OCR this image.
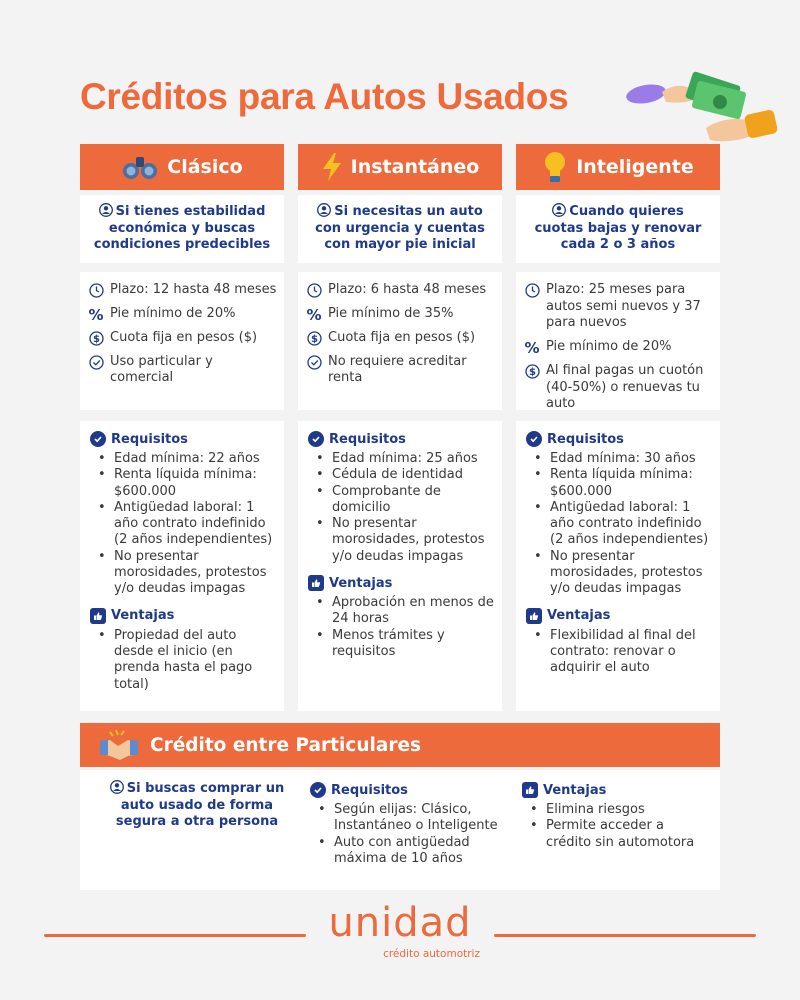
Créditos para Autos Usados
Clásico
Si tienes estabilidad económica y buscas condiciones predecibles
Plazo: 12 hasta 48 meses
% Pie mínimo de 20%
$ Cuota fija en pesos ($)
Uso particular y comercial
Requisitos
• Edad mínima: 22 años
• Renta líquida mínima: $600.000
• Antigüedad laboral: 1 año contrato indefinido (2 años independientes)
• No presentar morosidades, protestos y/o deudas impagas
Ventajas
• Propiedad del auto desde el inicio (en prenda hasta el pago total)
Instantáneo
Si necesitas un auto con urgencia y cuentas con mayor pie inicial
Plazo: 6 hasta 48 meses
% Pie mínimo de 35%
$ Cuota fija en pesos ($)
No requiere acreditar renta
Requisitos
• Edad mínima: 25 años
• Cédula de identidad
• Comprobante de domicilio
• No presentar morosidades, protestos y/o deudas impagas
Ventajas
• Aprobación en menos de 24 horas
• Menos trámites y requisitos
Inteligente
Cuando quieres cuotas bajas y renovar cada 2 o 3 años
Plazo: 25 meses para autos semi nuevos y 37 para nuevos
% Pie mínimo de 20%
$ Al final pagas un cuotón (40-50%) o renuevas tu auto
Requisitos
• Edad mínima: 30 años
• Renta líquida mínima: $600.000
• Antigüedad laboral: 1 año contrato indefinido (2 años independientes)
• No presentar morosidades, protestos y/o deudas impagas
Ventajas
• Flexibilidad al final del contrato: renovar o adquirir el auto
Crédito entre Particulares
Si buscas comprar un auto usado de forma segura a otra persona
Requisitos
• Según elijas: Clásico, Instantáneo o Inteligente
• Auto con antigüedad máxima de 10 años
Ventajas
• Elimina riesgos
• Permite acceder a crédito sin automotora
unidad
crédito automotriz
